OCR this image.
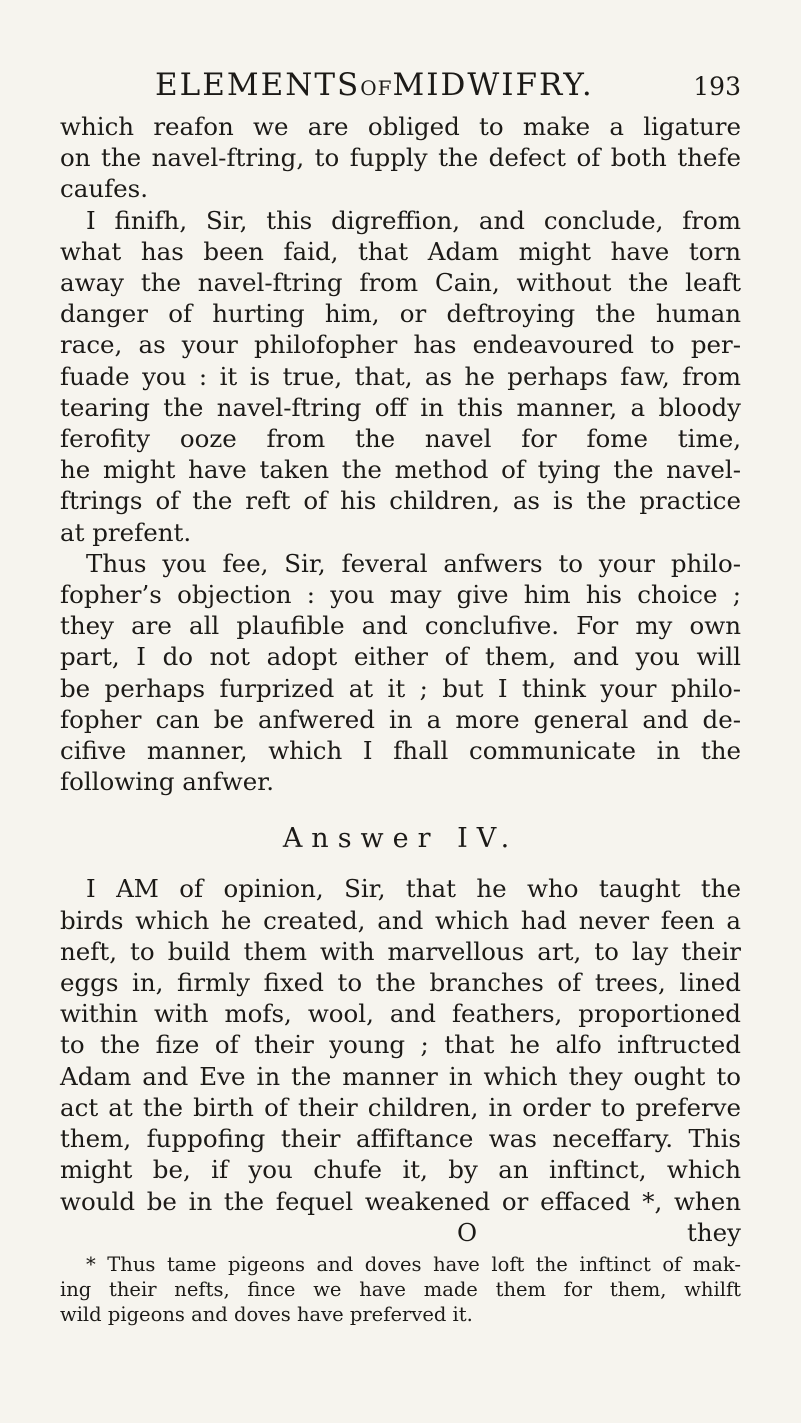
ELEMENTSOFMIDWIFRY.	193
which reafon we are obliged to make a ligature
on the navel-ftring, to fupply the defect of both thefe
caufes.
I finifh, Sir, this digreffion, and conclude, from
what has been faid, that Adam might have torn
away the navel-ftring from Cain, without the leaft
danger of hurting him, or deftroying the human
race, as your philofopher has endeavoured to per-
fuade you : it is true, that, as he perhaps faw, from
tearing the navel-ftring off in this manner, a bloody
ferofity ooze from the navel for fome time,
he might have taken the method of tying the navel-
ftrings of the reft of his children, as is the practice
at prefent.
Thus you fee, Sir, feveral anfwers to your philo-
fopher’s objection : you may give him his choice ;
they are all plaufible and conclufive. For my own
part, I do not adopt either of them, and you will
be perhaps furprized at it ; but I think your philo-
fopher can be anfwered in a more general and de-
cifive manner, which I fhall communicate in the
following anfwer.
Answer IV.
I AM of opinion, Sir, that he who taught the
birds which he created, and which had never feen a
neft, to build them with marvellous art, to lay their
eggs in, firmly fixed to the branches of trees, lined
within with mofs, wool, and feathers, proportioned
to the fize of their young ; that he alfo inftructed
Adam and Eve in the manner in which they ought to
act at the birth of their children, in order to preferve
them, fuppofing their affiftance was neceffary. This
might be, if you chufe it, by an inftinct, which
would be in the fequel weakened or effaced *, when
O	they
* Thus tame pigeons and doves have loft the inftinct of mak-
ing their nefts, fince we have made them for them, whilft
wild pigeons and doves have preferved it.
